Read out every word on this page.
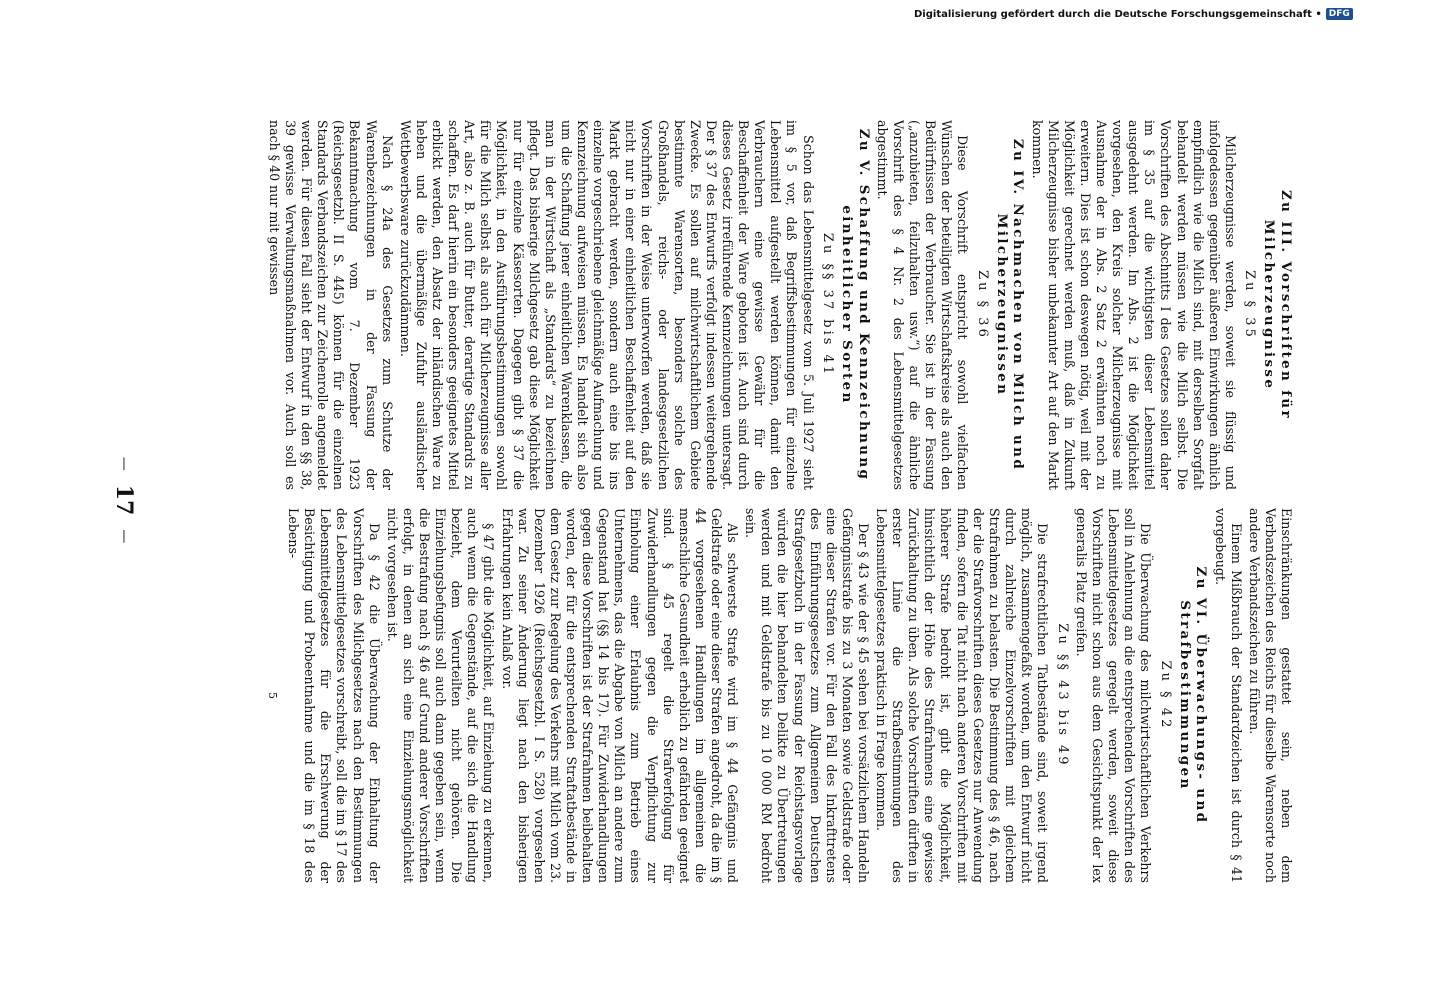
—
17
—
Zu III. Vorschriften für Milcherzeugnisse
Zu § 35

Milcherzeugnisse werden, soweit sie flüssig und infolgedessen gegenüber äußeren Einwirkungen ähnlich empfindlich wie die Milch sind, mit derselben Sorgfalt behandelt werden müssen wie die Milch selbst. Die Vorschriften des Abschnitts I des Gesetzes sollen daher im § 35 auf die wichtigsten dieser Lebensmittel ausgedehnt werden. Im Abs. 2 ist die Möglichkeit vorgesehen, den Kreis solcher Milcherzeugnisse mit Ausnahme der in Abs. 2 Satz 2 erwähnten noch zu erweitern. Dies ist schon deswegen nötig, weil mit der Möglichkeit gerechnet werden muß, daß in Zukunft Milcherzeugnisse bisher unbekannter Art auf den Markt kommen.

Zu IV. Nachmachen von Milch und Milcherzeugnissen
Zu § 36

Diese Vorschrift entspricht sowohl vielfachen Wünschen der beteiligten Wirtschaftskreise als auch den Bedürfnissen der Verbraucher. Sie ist in der Fassung („anzubieten, feilzuhalten usw.“) auf die ähnliche Vorschrift des § 4 Nr. 2 des Lebensmittelgesetzes abgestimmt.

Zu V. Schaffung und Kennzeichnung einheitlicher Sorten
Zu §§ 37 bis 41

Schon das Lebensmittelgesetz vom 5. Juli 1927 sieht im § 5 vor, daß Begriffsbestimmungen für einzelne Lebensmittel aufgestellt werden können, damit den Verbrauchern eine gewisse Gewähr für die Beschaffenheit der Ware geboten ist. Auch sind durch dieses Gesetz irreführende Kennzeichnungen untersagt. Der § 37 des Entwurfs verfolgt indessen weitergehende Zwecke. Es sollen auf milchwirtschaftlichem Gebiete bestimmte Warensorten, besonders solche des Großhandels, reichs- oder landesgesetzlichen Vorschriften in der Weise unterworfen werden, daß sie nicht nur in einer einheitlichen Beschaffenheit auf den Markt gebracht werden, sondern auch eine bis ins einzelne vorgeschriebene gleichmäßige Aufmachung und Kennzeichnung aufweisen müssen. Es handelt sich also um die Schaffung jener einheitlichen Warenklassen, die man in der Wirtschaft als „Standards“ zu bezeichnen pflegt. Das bisherige Milchgesetz gab diese Möglichkeit nur für einzelne Käsesorten. Dagegen gibt § 37 die Möglichkeit, in den Ausführungsbestimmungen sowohl für die Milch selbst als auch für Milcherzeugnisse aller Art, also z. B. auch für Butter, derartige Standards zu schaffen. Es darf hierin ein besonders geeignetes Mittel erblickt werden, den Absatz der inländischen Ware zu heben und die übermäßige Zufuhr ausländischer Wettbewerbsware zurückzudämmen.

Nach § 24a des Gesetzes zum Schutze der Warenbezeichnungen in der Fassung der Bekanntmachung vom 7. Dezember 1923 (Reichsgesetzbl. II S. 445) können für die einzelnen Standards Verbandszeichen zur Zeichenrolle angemeldet werden. Für diesen Fall sieht der Entwurf in den §§ 38, 39 gewisse Verwaltungsmaßnahmen vor. Auch soll es nach § 40 nur mit gewissen

Einschränkungen gestattet sein, neben dem Verbandszeichen des Reichs für dieselbe Warensorte noch andere Verbandszeichen zu führen.

Einem Mißbrauch der Standardzeichen ist durch § 41 vorgebeugt.

Zu VI. Überwachungs- und Strafbestimmungen
Zu § 42

Die Überwachung des milchwirtschaftlichen Verkehrs soll in Anlehnung an die entsprechenden Vorschriften des Lebensmittelgesetzes geregelt werden, soweit diese Vorschriften nicht schon aus dem Gesichtspunkt der lex generalis Platz greifen.

Zu §§ 43 bis 49

Die strafrechtlichen Tatbestände sind, soweit irgend möglich, zusammengefaßt worden, um den Entwurf nicht durch zahlreiche Einzelvorschriften mit gleichem Strafrahmen zu belasten. Die Bestimmung des § 46, nach der die Strafvorschriften dieses Gesetzes nur Anwendung finden, sofern die Tat nicht nach anderen Vorschriften mit höherer Strafe bedroht ist, gibt die Möglichkeit, hinsichtlich der Höhe des Strafrahmens eine gewisse Zurückhaltung zu üben. Als solche Vorschriften dürften in erster Linie die Strafbestimmungen des Lebensmittelgesetzes praktisch in Frage kommen.

Der § 43 wie der § 45 sehen bei vorsätzlichem Handeln Gefängnisstrafe bis zu 3 Monaten sowie Geldstrafe oder eine dieser Strafen vor. Für den Fall des Inkrafttretens des Einführungsgesetzes zum Allgemeinen Deutschen Strafgesetzbuch in der Fassung der Reichstagsvorlage würden die hier behandelten Delikte zu Übertretungen werden und mit Geldstrafe bis zu 10 000 RM bedroht sein.

Als schwerste Strafe wird im § 44 Gefängnis und Geldstrafe oder eine dieser Strafen angedroht, da die im § 44 vorgesehenen Handlungen im allgemeinen die menschliche Gesundheit erheblich zu gefährden geeignet sind. § 45 regelt die Strafverfolgung für Zuwiderhandlungen gegen die Verpflichtung zur Einholung einer Erlaubnis zum Betrieb eines Unternehmens, das die Abgabe von Milch an andere zum Gegenstand hat (§§ 14 bis 17). Für Zuwiderhandlungen gegen diese Vorschriften ist der Strafrahmen beibehalten worden, der für die entsprechenden Straftatbestände in dem Gesetz zur Regelung des Verkehrs mit Milch vom 23. Dezember 1926 (Reichsgesetzbl. I S. 528) vorgesehen war. Zu seiner Änderung liegt nach den bisherigen Erfahrungen kein Anlaß vor.

§ 47 gibt die Möglichkeit, auf Einziehung zu erkennen, auch wenn die Gegenstände, auf die sich die Handlung bezieht, dem Verurteilten nicht gehören. Die Einziehungsbefugnis soll auch dann gegeben sein, wenn die Bestrafung nach § 46 auf Grund anderer Vorschriften erfolgt, in denen an sich eine Einziehungsmöglichkeit nicht vorgesehen ist.

Da § 42 die Überwachung der Einhaltung der Vorschriften des Milchgesetzes nach den Bestimmungen des Lebensmittelgesetzes vorschreibt, soll die im § 17 des Lebensmittelgesetzes für die Erschwerung der Besichtigung und Probeentnahme und die im § 18 des Lebens-

5
Digitalisierung gefördert durch die Deutsche Forschungsgemeinschaft • DFG
